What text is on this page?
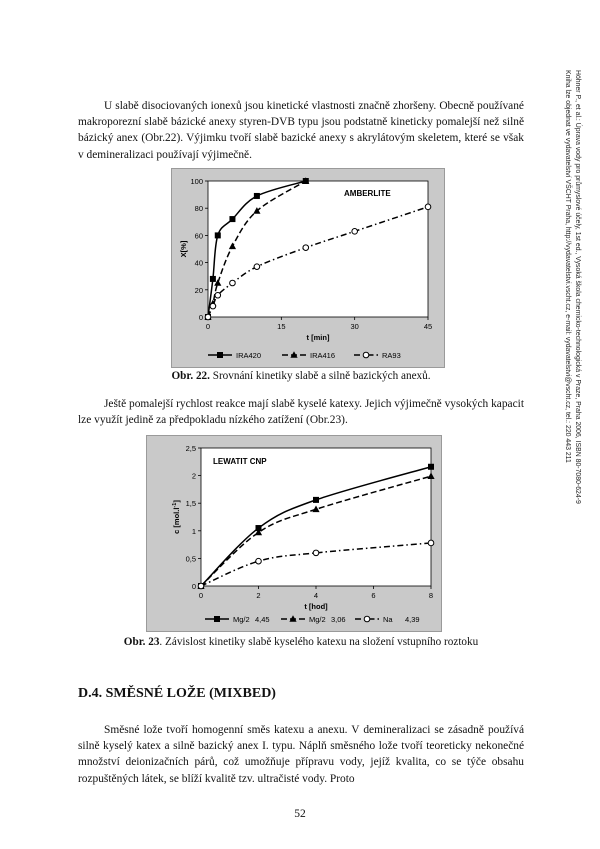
Höhner P., et al.: Úprava vody pro průmyslové účely, 1st ed., Vysoká škola chemicko-technologická v Praze, Praha 2006, ISBN 80-7080-624-9
Kniha lze objednat ve vydavatelství VŠCHT Praha, http://vydavatelstvi.vscht.cz, e-mail: vydavatelstvi@vscht.cz, tel.: 220 443 211

U slabě disociovaných ionexů jsou kinetické vlastnosti značně zhoršeny. Obecně používané makroporezní slabě bázické anexy styren-DVB typu jsou podstatně kineticky pomalejší než silně bázický anex (Obr.22). Výjimku tvoří slabě bazické anexy s akrylátovým skeletem, které se však v demineralizaci používají výjimečně.

0
20
40
60
80
100
0	15	30	45
t [min]
X[%]
AMBERLITE
IRA420	IRA416	RA93
Obr. 22. Srovnání kinetiky slabě a silně bazických anexů.

Ještě pomalejší rychlost reakce mají slabě kyselé katexy. Jejich výjimečně vysokých kapacit lze využít jedině za předpokladu nízkého zatížení (Obr.23).

0
0,5
1
1,5
2
2,5
0	2	4	6	8
t [hod]
c $[mol.l^{-1}]$
LEWATIT CNP
Mg/2 4,45	Mg/2 3,06	Na 4,39
Obr. 23. Závislost kinetiky slabě kyselého katexu na složení vstupního roztoku
D.4. SMĚSNÉ LOŽE (MIXBED)

Směsné lože tvoří homogenní směs katexu a anexu. V demineralizaci se zásadně používá silně kyselý katex a silně bazický anex I. typu. Náplň směsného lože tvoří teoreticky nekonečné množství deionizačních párů, což umožňuje přípravu vody, jejíž kvalita, co se týče obsahu rozpuštěných látek, se blíží kvalitě tzv. ultračisté vody. Proto

52
